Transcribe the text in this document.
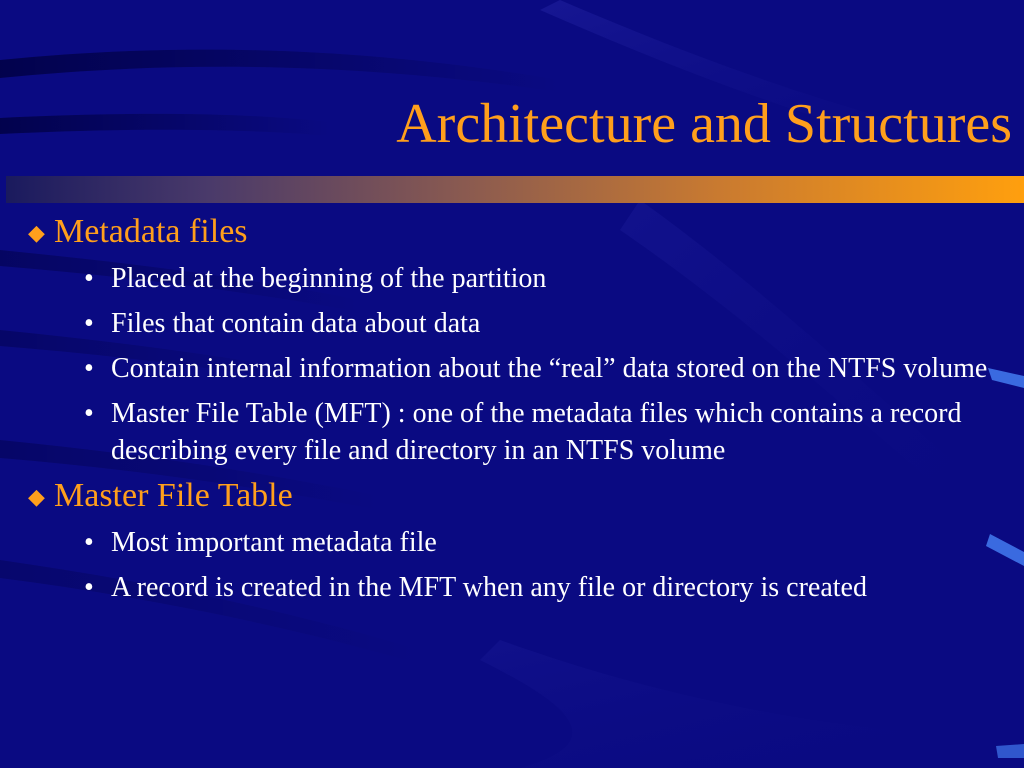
Architecture and Structures
◆ Metadata files
• Placed at the beginning of the partition
• Files that contain data about data
• Contain internal information about the “real” data stored on the NTFS volume
• Master File Table (MFT) : one of the metadata files which contains a record describing every file and directory in an NTFS volume
◆ Master File Table
• Most important metadata file
• A record is created in the MFT when any file or directory is created
